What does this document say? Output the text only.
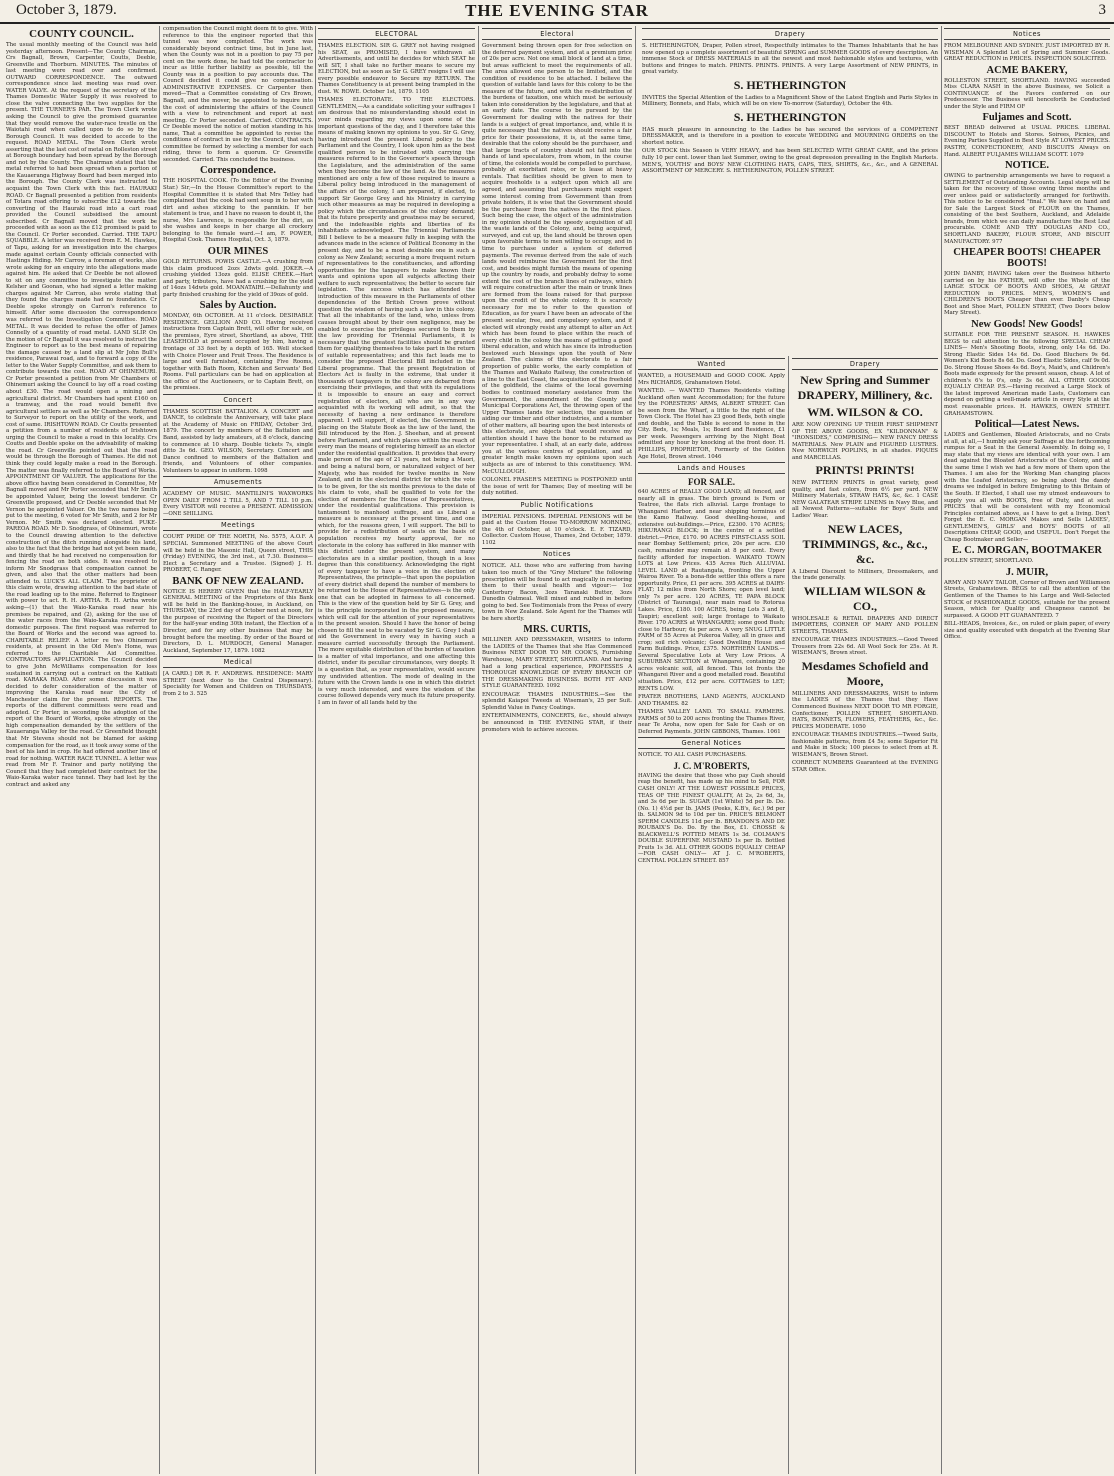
October 3, 1879.	THE EVENING STAR	3
COUNTY COUNCIL.

The usual monthly meeting of the Council was held yesterday afternoon. Present—The County Chairman, Crs Bagnall, Brown, Carpenter, Coutts, Deeble, Greenville and Thorburn. MINUTES. The minutes of last meeting were read over and confirmed. OUTWARD CORRESPONDENCE. The outward correspondence since last meeting was read over. WATER VALVE. At the request of the secretary of the Thames Domestic Water Supply it was resolved to close the valve connecting the two supplies for the present. THE TURNER'S PAR. The Town Clerk wrote asking the Council to give the promised guarantee that they would remove the water-race trestle on the Waiotahi road when called upon to do so by the Borough Council. It was decided to accede to the request. ROAD METAL. The Town Clerk wrote asserting that the last cost of metal on Rolleston street at Borough boundary had been spread by the Borough and not by the County. The Chairman stated that the metal referred to had been spread when a portion of the Kauaeranga Highway Board had been merged into the Borough. The County Clerk was instructed to acquaint the Town Clerk with this fact. HAURAKI ROAD. Cr Bagnall presented a petition from residents of Totara road offering to subscribe £12 towards the converting of the Hauraki road into a cart road provided the Council subsidised the amount subscribed. Cr Bagnall moved that the work be proceeded with as soon as the £12 promised is paid to the Council. Cr Porter seconded. Carried. THE TAPU SQUABBLE. A letter was received from E. M. Hawkes, of Tapu, asking for an investigation into the charges made against certain County officials connected with Hastings Hiding. Mr Carrow, a foreman of works, also wrote asking for an enquiry into the allegations made against him. He asked that Cr Deeble be not allowed to sit on any committee to investigate the matter. Kelsher and Goonan, who had signed a letter making charges against Mr Carron, also wrote stating that they found the charges made had no foundation. Cr Deeble spoke strongly on Carron's reference to himself. After some discussion the correspondence was referred to the Investigation Committee. ROAD METAL. It was decided to refuse the offer of James Connelly of a quantity of road metal. LAND SLIP. On the motion of Cr Bagnall it was resolved to instruct the Engineer to report as to the best means of repairing the damage caused by a land slip at Mr John Bull's residence, Parawai road, and to forward a copy of the letter to the Water Supply Committee, and ask them to contribute towards the cost. ROAD AT OHINEMURI. Cr Porter presented a petition from Mr Chambers of Ohinemuri asking the Council to lay off a road costing about £30. The road would open a mining and agricultural district. Mr Chambers had spent £160 on a tramway, and the road would benefit five agricultural settlers as well as Mr Chambers. Referred to Surveyor to report on the utility of the work, and cost of same. IRISHTOWN ROAD. Cr Coutts presented a petition from a number of residents of Irishtown urging the Council to make a road in this locality. Crs Coutts and Deeble spoke on the advisability of making the road. Cr Greenville pointed out that the road would be through the Borough of Thames. He did not think they could legally make a road in the Borough. The matter was finally referred to the Board of Works. APPOINTMENT OF VALUER. The applications for the above office having been considered in Committee, Mr Bagnall moved and Mr Porter seconded that Mr Smith be appointed Valuer, being the lowest tenderer. Cr Greenville proposed, and Cr Deeble seconded that Mr Vernon be appointed Valuer. On the two names being put to the meeting, 6 voted for Mr Smith, and 2 for Mr Vernon. Mr Smith was declared elected. PUKE-PAREOA ROAD. Mr D. Snodgrass, of Ohinemuri, wrote to the Council drawing attention to the defective construction of the ditch running alongside his land, also to the fact that the bridge had not yet been made, and thirdly that he had received no compensation for fencing the road on both sides. It was resolved to inform Mr Snodgrass that compensation cannot be given, and also that the other matters had been attended to. LUCK'S ALL CLAIM. The proprietor of this claim wrote, drawing attention to the bad state of the road leading up to the mine. Referred to Engineer with power to act. R. H. ARTHA. R. H. Artha wrote asking—(1) that the Waio-Karaka road near his premises be repaired, and (2), asking for the use of the water races from the Waio-Karaka reservoir for domestic purposes. The first request was referred to the Board of Works and the second was agreed to. CHARITABLE RELIEF. A letter re two Ohinemuri residents, at present in the Old Men's Home, was referred to the Charitable Aid Committee. CONTRACTORS APPLICATION. The Council decided to give John McWilliams compensation for loss sustained in carrying out a contract on the Katikati road. KARAKA ROAD. After some discussion it was decided to defer consideration of the matter of improving the Karaka road near the City of Manchester claim for the present. REPORTS. The reports of the different committees were read and adopted. Cr Porter, in seconding the adoption of the report of the Board of Works, spoke strongly on the high compensation demanded by the settlers of the Kauaeranga Valley for the road. Cr Greenfield thought that Mr Stevens should not be blamed for asking compensation for the road, as it took away some of the best of his land in crop. He had offered another line of road for nothing. WATER RACE TUNNEL. A letter was read from Mr F. Trainor and party notifying the Council that they had completed their contract for the Waio-Karaka water race tunnel. They had lost by the contract and asked any

compensation the Council might deem fit to give. With reference to this the engineer reported that this tunnel was now completed. The work was considerably beyond contract time, but in June last, when the County was not in a position to pay 75 per cent on the work done, he had told the contractor to incur as little further liability as possible, till the County was in a position to pay accounts due. The Council decided it could give no compensation. ADMINISTRATIVE EXPENSES. Cr Carpenter then moved—That a Committee consisting of Crs Brown, Bagnall, and the mover, be appointed to inquire into the cost of administering the affairs of the Council with a view to retrenchment and report at next meeting. Cr Porter seconded. Carried. CONTRACTS. Cr Deeble moved the notice of motion standing in his name, That a committee be appointed to revise the conditions of contract in use by the Council, that such committee be formed by selecting a member for each riding, three to form a quorum. Cr Greenville seconded. Carried. This concluded the business.

Correspondence.

THE HOSPITAL COOK. (To the Editor of the Evening Star.) Sir,—In the House Committee's report to the Hospital Committee it is stated that Mrs Tetley had complained that the cook had sent soup in to her with dirt and ashes sticking to the pannikin. If her statement is true, and I have no reason to doubt it, the nurse, Mrs Lawrence, is responsible for the dirt, as she washes and keeps in her charge all crockery belonging to the female ward.—I am, F. POWER, Hospital Cook. Thames Hospital, Oct. 3, 1879.

OUR MINES

GOLD RETURNS. POWIS CASTLE.—A crushing from this claim produced 2ozs 2dwts gold. JOKER.—A crushing yielded 13ozs gold. ELISE CREEK.—Hart and party, tributers, have had a crushing for the yield of 14ozs 14dwts gold. MOANATAIRI.—Dellahunty and party finished crushing for the yield of 39ozs of gold.

Sales by Auction.

MONDAY, 6th OCTOBER. At 11 o'clock. DESIRABLE RESIDENCE. GELLION AND CO. Having received instructions from Captain Brett, will offer for sale, on the premises, Eyre street, Shortland, as above, THE LEASEHOLD at present occupied by him, having a frontage of 33 feet by a depth of 165. Well stocked with Choice Flower and Fruit Trees. The Residence is large and well furnished, containing Five Rooms, together with Bath Room, Kitchen and Servants' Bed Rooms. Full particulars can be had on application at the office of the Auctioneers, or to Captain Brett, on the premises.

Concert

THAMES SCOTTISH BATTALION. A CONCERT and DANCE, to celebrate the Anniversary, will take place at the Academy of Music on FRIDAY, October 3rd, 1879. The concert by members of the Battalion and Band, assisted by lady amateurs, at 8 o'clock, dancing to commence at 10 sharp. Double tickets 7s, single ditto 3s 6d. GEO. WILSON, Secretary. Concert and Dance confined to members of the Battalion and friends, and Volunteers of other companies. Volunteers to appear in uniform. 1098

Amusements

ACADEMY OF MUSIC. MANTILINI'S WAXWORKS OPEN DAILY FROM 2 TILL 5, AND 7 TILL 10 p.m. Every VISITOR will receive a PRESENT. ADMISSION—ONE SHILLING.

Meetings

COURT PRIDE OF THE NORTH, No. 5575, A.O.F. A SPECIAL Summoned MEETING of the above Court will be held in the Masonic Hall, Queen street, THIS (Friday) EVENING, the 3rd inst., at 7.30. Business—Elect a Secretary and a Trustee. (Signed) J. H. PROBERT, C. Ranger.

BANK OF NEW ZEALAND.

NOTICE IS HEREBY GIVEN that the HALF-YEARLY GENERAL MEETING of the Proprietors of this Bank will be held in the Banking-house, in Auckland, on THURSDAY, the 23rd day of October next at noon, for the purpose of receiving the Report of the Directors for the half-year ending 30th instant, the Election of a Director, and for any other business that may be brought before the meeting. By order of the Board of Directors, D. L. MURDOCH, General Manager. Auckland, September 17, 1879. 1082

Medical

[A CARD.] DR R. F. ANDREWS. RESIDENCE: MARY STREET (next door to the Central Dispensary). Speciality for Women and Children on THURSDAYS, from 2 to 3. 525

ELECTORAL

THAMES ELECTION. SIR G. GREY not having resigned his SEAT, as PROMISED, I have withdrawn all Advertisements, and until he decides for which SEAT he will SIT, I shall take no further means to secure my ELECTION, but as soon as Sir G. GREY resigns I will use every possible endeavor to Secure my RETURN. The Thames Constituency is at present being trampled in the dust. W. ROWE. October 1st, 1879. 1105

THAMES ELECTORATE. TO THE ELECTORS. GENTLEMEN,—As a candidate soliciting your suffrages I am desirous that no misunderstanding should exist in your minds regarding my views upon some of the important questions of the day, and I therefore take this means of making known my opinions to you. Sir G. Grey, having introduced the present Liberal policy to the Parliament and the Country, I look upon him as the best qualified person to be intrusted with carrying the measures referred to in the Governor's speech through the Legislature, and the administration of the same when they become the law of the land. As the measures mentioned are only a few of those required to insure a Liberal policy being introduced in the management of the affairs of the colony, I am prepared, if elected, to support Sir George Grey and his Ministry in carrying such other measures as may be required in developing a policy which the circumstances of the colony demand; that its future prosperity and greatness may be secured, and the indefeasible rights and liberties of its inhabitants acknowledged. The Triennial Parliaments Bill I believe to be a measure fully in keeping with the advances made in the science of Political Economy in the present day, and to be a most desirable one in such a colony as New Zealand; securing a more frequent return of representatives to the constituencies, and affording opportunities for the taxpayers to make known their wants and opinions upon all subjects affecting their welfare to such representatives; the better to secure fair legislation. The success which has attended the introduction of this measure in the Parliaments of other dependencies of the British Crown prove without question the wisdom of having such a law in this colony. That all the inhabitants of the land, who, unless from causes brought about by their own negligence, may be enabled to exercise the privileges secured to them by the law providing for Triennial Parliaments, it is necessary that the greatest facilities should be granted them for qualifying themselves to take part in the return of suitable representatives; and this fact leads me to consider the proposed Electoral Bill included in the Liberal programme. That the present Registration of Electors Act is faulty in the extreme, that under it thousands of taxpayers in the colony are debarred from exercising their privileges, and that with its regulations it is impossible to ensure an easy and correct registration of electors, all who are in any way acquainted with its working will admit, so that the necessity of having a new ordinance is therefore apparent. I will support, if elected, the Government in placing on the Statute Book as the law of the land, the Bill introduced by the Hon. J. Sheehan, and at present before Parliament, and which places within the reach of every man the means of registering himself as an elector under the residential qualification. It provides that every male person of the age of 21 years, not being a Maori, and being a natural born, or naturalized subject of her Majesty, who has resided for twelve months in New Zealand, and in the electoral district for which the vote is to be given, for the six months previous to the date of his claim to vote, shall be qualified to vote for the election of members for the House of Representatives, under the residential qualifications. This provision is tantamount to manhood suffrage, and as Liberal a measure as is necessary at the present time, and one which, for the reasons given, I will support. The bill to provide for a redistribution of seats on the basis of population receives my hearty approval, for no electorate in the colony has suffered in like manner with this district under the present system, and many electorates are in a similar position, though in a less degree than this constituency. Acknowledging the right of every taxpayer to have a voice in the election of Representatives, the principle—that upon the population of every district shall depend the number of members to be returned to the House of Representatives—is the only one that can be adopted in fairness to all concerned. This is the view of the question held by Sir G. Grey, and is the principle incorporated in the proposed measure, which will call for the attention of your representatives in the present session. Should I have the honor of being chosen to fill the seat to be vacated by Sir G. Grey I shall aid the Government in every way in having such a measure carried successfully through the Parliament. The more equitable distribution of the burden of taxation is a matter of vital importance, and one affecting this district, under its peculiar circumstances, very deeply. It is a question that, as your representative, would secure my undivided attention. The mode of dealing in the future with the Crown lands is one in which this district is very much interested, and were the wisdom of the course followed depends very much its future prosperity. I am in favor of all lands held by the

Electoral

Government being thrown open for free selection on the deferred payment system, and at a premium price of 20s per acre. Not one small block of land at a time, but areas sufficient to meet the requirements of all. The area allowed one person to be limited, and the condition of residence to be attached. I believe the question of suitable land laws for this colony to be the measure of the future, and with the re-distribution of the burdens of taxation, one which must be seriously taken into consideration by the legislature, and that at an early date. The course to be pursued by the Government for dealing with the natives for their lands is a subject of great importance, and, while it is quite necessary that the natives should receive a fair price for their possessions, it is, at the same time, desirable that the colony should be the purchaser, and that large tracts of country should not fall into the hands of land speculators, from whom, in the course of time, the colonists would be compelled to purchase, probably at exorbitant rates, or to lease at heavy rentals. That facilities should be given to men to acquire freeholds is a subject upon which all are agreed, and assuming that purchasers might expect some interest coming from Government than from private holders, it is wise that the Government should be the purchaser from the natives in the first place. Such being the case, the object of the administration in my opinion should be the speedy acquisition of all the waste lands of the Colony, and, being acquired, surveyed, and cut up, the land should be thrown open upon favorable terms to men willing to occupy, and in time to purchase under a system of deferred payments. The revenue derived from the sale of such lands would reimburse the Government for the first cost, and besides might furnish the means of opening up the country by roads, and probably defray to some extent the cost of the branch lines of railways, which will require construction after the main or trunk lines are formed from the loans raised for that purpose upon the credit of the whole colony. It is scarcely necessary for me to refer to the question of Education, as for years I have been an advocate of the present secular, free, and compulsory system, and if elected will strongly resist any attempt to alter an Act which has been found to place within the reach of every child in the colony the means of getting a good liberal education, and which has since its introduction bestowed such blessings upon the youth of New Zealand. The claims of this electorate to a fair proportion of public works, the early completion of the Thames and Waikato Railway, the construction of a line to the East Coast, the acquisition of the freehold of the goldfield, the claims of the local governing bodies to continued monetary assistance from the Government, the amendment of the County and Municipal Corporations Act, the throwing open of the Upper Thames lands for selection, the question of aiding our timber and other industries, and a number of other matters, all bearing upon the best interests of this electorate, are objects that would receive my attention should I have the honor to be returned as your representative. I shall, at an early date, address you at the various centres of population, and at greater length make known my opinions upon such subjects as are of interest to this constituency. WM. McCULLOUGH.

COLONEL FRASER'S MEETING is POSTPONED until the issue of writ for Thames; Day of meeting will be duly notified.

Public Notifications

IMPERIAL PENSIONS. IMPERIAL PENSIONS will be paid at the Custom House TO-MORROW MORNING, the 4th of October, at 10 o'clock. E. F. TIZARD, Collector. Custom House, Thames, 2nd October, 1879. 1102

Notices

NOTICE. ALL those who are suffering from having taken too much of the "Grey Mixture" the following prescription will be found to act magically in restoring them to their usual health and vigour:— 1oz Canterbury Bacon, 3ozs Taranaki Butter, 3ozs Dunedin Oatmeal. Well mixed and rubbed in before going to bed. See Testimonials from the Press of every town in New Zealand. Sole Agent for the Thames will be here shortly.

MRS. CURTIS,

MILLINER AND DRESSMAKER, WISHES to inform the LADIES of the Thames that she Has Commenced Business NEXT DOOR TO MR COOK'S, Furnishing Warehouse, MARY STREET, SHORTLAND. And having had a long practical experience, PROFESSES A THOROUGH KNOWLEDGE OF EVERY BRANCH OF THE DRESSMAKING BUSINESS. BOTH FIT AND STYLE GUARANTEED. 1092

ENCOURAGE THAMES INDUSTRIES.—See the splendid Kaiapoi Tweeds at Wiseman's, 25 per Suit. Splendid Value in Fancy Coatings.

ENTERTAINMENTS, CONCERTS, &c., should always be announced in THE EVENING STAR, if their promoters wish to achieve success.

Wanted

WANTED, a HOUSEMAID and GOOD COOK. Apply Mrs RICHARDS, Grahamstown Hotel.

WANTED. — WANTED Thames Residents visiting Auckland often want Accommodation; for the future try the FORESTERS' ARMS, ALBERT STREET. Can be seen from the Wharf, a little to the right of the Town Clock. The Hotel has 23 good Beds, both single and double, and the Table is second to none in the City. Beds, 1s; Meals, 1s; Board and Residence, £1 per week. Passengers arriving by the Night Boat admitted any hour by knocking at the front door. H. PHILLIPS, PROPRIETOR, Formerly of the Golden Age Hotel, Brown street. 1046

Lands and Houses
FOR SALE.

640 ACRES of REALLY GOOD LAND; all fenced, and nearly all in grass. The birch ground is Fern or Teatree, the flats rich alluvial. Large frontage to Whangarei Harbor, and near shipping terminus of the Kamo Railway. Good dwelling-house, and extensive out-buildings.—Price, £2300. 170 ACRES; HIKURANGI BLOCK; in the centre of a settled district.—Price, £170. 90 ACRES FIRST-CLASS SOIL near Bombay Settlement; price, 20s per acre. £30 cash, remainder may remain at 8 per cent. Every facility afforded for inspection. WAIKATO TOWN LOTS at Low Prices. 435 Acres Rich ALLUVIAL LEVEL LAND at Rautangata, fronting the Upper Wairoa River. To a bona-fide settler this offers a rare opportunity. Price, £1 per acre. 395 ACRES at DAIRY-FLAT; 12 miles from North Shore; open level land; only 7s per acre. 120 ACRES, TE PAPA BLOCK (District of Tauranga), near main road to Rotorua Lakes. Price, £180. 100 ACRES, being Lots 3 and 8, Taupiri; excellent soil; large frontage to Waikato River. 170 ACRES at WHANGAREI; some good Bush; close to Harbour; 6s per acre. A very SNUG LITTLE FARM of 55 Acres at Pukeroa Valley, all in grass and crop; soil rich volcanic; Good Dwelling House and Farm Buildings. Price, £375. NORTHERN LANDS.—Several Speculative Lots at Very Low Prices. A SUBURBAN SECTION at Whangarei, containing 20 acres volcanic soil, all fenced. This lot fronts the Whangarei River and a good metalled road. Beautiful situation. Price, £12 per acre. COTTAGES to LET; RENTS LOW.

FRATER BROTHERS, LAND AGENTS, AUCKLAND AND THAMES. 82

THAMES VALLEY LAND. TO SMALL FARMERS. FARMS of 50 to 200 acres fronting the Thames River, near Te Aroha, now open for Sale for Cash or on Deferred Payments. JOHN GIBBONS, Thames. 1061

General Notices

NOTICE. TO ALL CASH PURCHASERS.

J. C. M'ROBERTS,

HAVING the desire that those who pay Cash should reap the benefit, has made up his mind to Sell, FOR CASH ONLY! AT THE LOWEST POSSIBLE PRICES, TEAS OF THE FINEST QUALITY, At 2s, 2s 6d, 3s, and 3s 6d per lb. SUGAR (1st White) 5d per lb. Do. (No. 1) 4½d per lb. JAMS (Peeks, K.B's, &c.) 9d per lb. SALMON 9d to 10d per tin. PRICE'S BELMONT SPERM CANDLES 11d per lb. BRANDON'S AND DE ROUBAIX'S Do. Do. By the Box, £1. CROSSE & BLACKWELL'S POTTED MEATS 1s 3d. COLMAN'S DOUBLE SUPERFINE MUSTARD 1s per lb. Bottled Fruits 1s 3d. ALL OTHER GOODS EQUALLY CHEAP —FOR CASH ONLY— AT J. C. M'ROBERTS, CENTRAL POLLEN STREET. 857

Drapery

S. HETHERINGTON, Draper, Pollen street, Respectfully intimates to the Thames Inhabitants that he has now opened up a complete assortment of beautiful SPRING and SUMMER GOODS of every description. An immense Stock of DRESS MATERIALS in all the newest and most fashionable styles and textures, with buttons and fringes to match. PRINTS. PRINTS. PRINTS. A very Large Assortment of NEW PRINTS, in great variety.

S. HETHERINGTON

INVITES the Special Attention of the Ladies to a Magnificent Show of the Latest English and Paris Styles in Millinery, Bonnets, and Hats, which will be on view To-morrow (Saturday), October the 4th.

S. HETHERINGTON

HAS much pleasure in announcing to the Ladies he has secured the services of a COMPETENT DRESSMAKER, and is therefore in a position to execute WEDDING and MOURNING ORDERS on the shortest notice.

OUR STOCK this Season is VERY HEAVY, and has been SELECTED WITH GREAT CARE, and the prices fully 10 per cent. lower than last Summer, owing to the great depression prevailing in the English Markets. MEN'S, YOUTHS' and BOYS' NEW CLOTHING HATS, CAPS, TIES, SHIRTS, &c., &c., and A GENERAL ASSORTMENT OF MERCERY. S. HETHERINGTON, POLLEN STREET.

Drapery
New Spring and Summer DRAPERY, Millinery, &c.
WM. WILSON & CO.

ARE NOW OPENING UP THEIR FIRST SHIPMENT OF THE ABOVE GOODS, EX "KILDONNAN" & "IRONSIDES," COMPRISING— NEW FANCY DRESS MATERIALS. New PLAIN and FIGURED LUSTRES. New NORWICH POPLINS, in all shades. PIQUES and MARCELLAS.

PRINTS! PRINTS!

NEW PATTERN PRINTS in great variety, good quality, and fast colors, from 6½ per yard. NEW Millinery Materials, STRAW HATS, &c, &c. 1 CASE NEW GALATEAR STRIPE LINENS in Navy Blue, and all Newest Patterns—suitable for Boys' Suits and Ladies' Wear.

NEW LACES, TRIMMINGS, &c., &c., &c.

A Liberal Discount to Milliners, Dressmakers, and the trade generally.

WILLIAM WILSON & CO.,

WHOLESALE & RETAIL DRAPERS AND DIRECT IMPORTERS, CORNER OF MARY AND POLLEN STREETS, THAMES.

ENCOURAGE THAMES INDUSTRIES.—Good Tweed Trousers from 22s 6d. All Wool Sock for 25s. At R. WISEMAN'S, Brown street.

Mesdames Schofield and Moore,

MILLINERS AND DRESSMAKERS, WISH to inform the LADIES of the Thames that they Have Commenced Business NEXT DOOR TO MR FORGIE, Confectioner, POLLEN STREET, SHORTLAND. HATS, BONNETS, FLOWERS, FEATHERS, &c., &c. PRICES MODERATE. 1050

ENCOURAGE THAMES INDUSTRIES.—Tweed Suits, fashionable patterns, from £4 5s; some Superior Fit and Make in Stock; 100 pieces to select from at R. WISEMAN'S, Brown Street.

CORRECT NUMBERS Guaranteed at the EVENING STAR Office.

Notices

FROM MELBOURNE AND SYDNEY. JUST IMPORTED BY R. WISEMAN A Splendid Lot of Spring and Summer Goods. GREAT REDUCTION in PRICES. INSPECTION SOLICITED.

ACME BAKERY,

ROLLESTON STREET, SHORTLAND. HAVING succeeded Miss CLARA NASH in the above Business, we Solicit a CONTINUANCE of the Favors conferred on our Predecessor. The Business will henceforth be Conducted under the Style and FIRM OF

Fuljames and Scott.

BEST BREAD delivered at USUAL PRICES. LIBERAL DISCOUNT to Hotels and Stores. Soirees, Picnics, and Evening Parties Supplied in Best Style AT LOWEST PRICES. PASTRY, CONFECTIONERY, AND BISCUITS Always on Hand. ALBERT FULJAMES WILLIAM SCOTT. 1079

NOTICE.

OWING to partnership arrangements we have to request a SETTLEMENT of Outstanding Accounts. Legal steps will be taken for the recovery of those owing three months and over unless paid or satisfactorily arranged for forthwith. This notice to be considered "final." We have on hand and for Sale the Largest Stock of FLOUR on the Thames, consisting of the best Southern, Auckland, and Adelaide brands, from which we can daily manufacture the Best Loaf procurable. COME AND TRY DOUGLAS AND CO., SHORTLAND BAKERY, FLOUR STORE, AND BISCUIT MANUFACTORY. 977

CHEAPER BOOTS! CHEAPER BOOTS!

JOHN DANBY, HAVING taken over the Business hitherto carried on by his FATHER, will offer the Whole of the LARGE STOCK OF BOOTS AND SHOES, At GREAT REDUCTION in PRICES. MEN'S, WOMEN'S and CHILDREN'S BOOTS Cheaper than ever. Danby's Cheap Boot and Shoe Mart, POLLEN STREET, (Two Doors below Mary Street).

New Goods! New Goods!

SUITABLE FOR THE PRESENT SEASON. H. HAWKES BEGS to call attention to the following SPECIAL CHEAP LINES— Men's Shooting Boots, strong, only 14s 6d. Do. Strong Elastic Sides 14s 6d. Do. Good Bluchers 9s 6d. Women's Kid Boots 8s 6d. Do. Good Elastic Sides, calf 9s 0d. Do. Strong House Shoes 4s 6d. Boy's, Maid's, and Children's Boots made expressly for the present season, cheap. A lot of children's 6's to 0's, only 3s 6d. ALL OTHER GOODS EQUALLY CHEAP. P.S.—Having received a Large Stock of the latest improved American made Lasts, Customers can depend on getting a well-made article in every Style at the most reasonable prices. H. HAWKES, OWEN STREET. GRAHAMSTOWN.

Political—Latest News.

LADIES and Gentlemen, Bloated Aristocrats, and no Crats at all, at all,—I humbly ask your Suffrage at the forthcoming rumpus for a Seat in the General Assembly. In doing so, I may state that my views are identical with your own. I am dead against the Bloated Aristocrats of the Colony, and at the same time I wish we had a few more of them upon the Thames. I am also for the Working Man changing places with the Loafed Aristocracy, so being about the dandy dreams we indulged in before Emigrating to this Britain of the South. If Elected, I shall use my utmost endeavours to supply you all with BOOTS, free of Duty, and at such PRICES that will be consistent with my Economical Principles contained above, as I have to get a living. Don't Forget the E. C. MORGAN Makes and Sells LADIES', GENTLEMEN'S, GIRLS' and BOYS' BOOTS of all Descriptions CHEAP, GOOD, and USEFUL. Don't Forget the Cheap Bootmaker and Seller—

E. C. MORGAN, BOOTMAKER

POLLEN STREET, SHORTLAND.

J. MUIR,

ARMY AND NAVY TAILOR, Corner of Brown and Williamson Streets, Grahamstown. BEGS to call the attention of the Gentlemen of the Thames to his Large and Well-Selected STOCK of FASHIONABLE GOODS, suitable for the present Season, which for Quality and Cheapness cannot be surpassed. A GOOD FIT GUARANTEED. 7

BILL-HEADS, Invoices, &c., on ruled or plain paper, of every size and quality executed with despatch at the Evening Star Office.
